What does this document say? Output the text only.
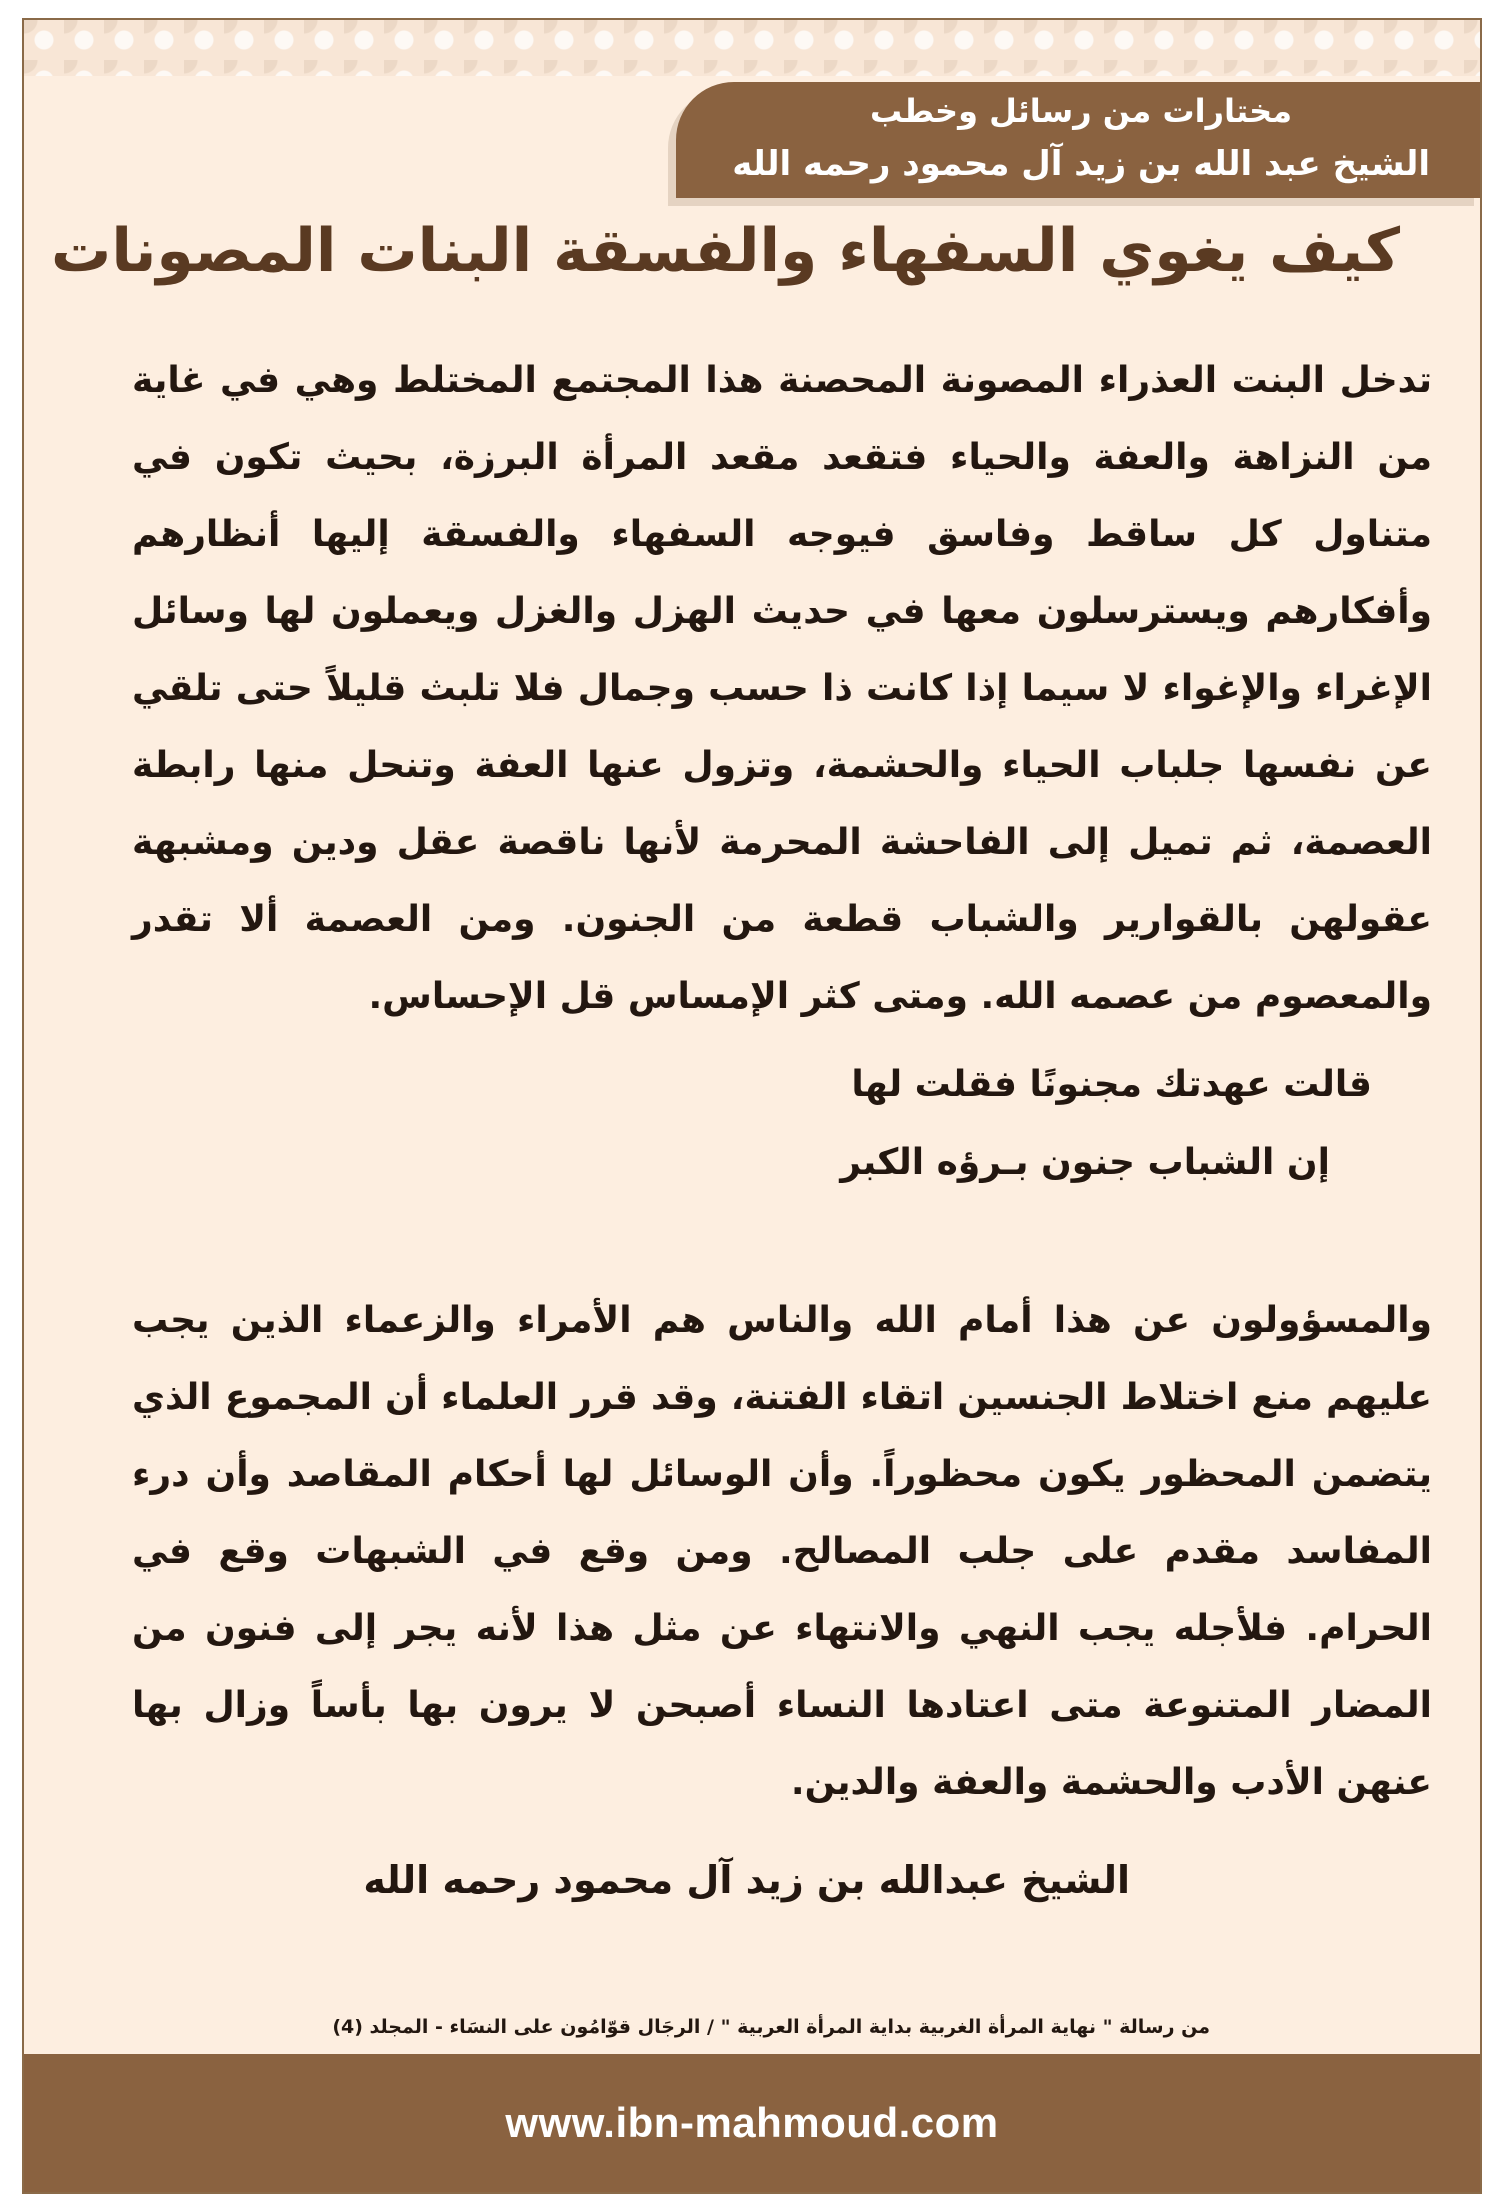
مختارات من رسائل وخطب
الشيخ عبد الله بن زيد آل محمود رحمه الله
كيف يغوي السفهاء والفسقة البنات المصونات

تدخل البنت العذراء المصونة المحصنة هذا المجتمع المختلط وهي في غاية من النزاهة والعفة والحياء فتقعد مقعد المرأة البرزة، بحيث تكون في متناول كل ساقط وفاسق فيوجه السفهاء والفسقة إليها أنظارهم وأفكارهم ويسترسلون معها في حديث الهزل والغزل ويعملون لها وسائل الإغراء والإغواء لا سيما إذا كانت ذا حسب وجمال فلا تلبث قليلاً حتى تلقي عن نفسها جلباب الحياء والحشمة، وتزول عنها العفة وتنحل منها رابطة العصمة، ثم تميل إلى الفاحشة المحرمة لأنها ناقصة عقل ودين ومشبهة عقولهن بالقوارير والشباب قطعة من الجنون. ومن العصمة ألا تقدر والمعصوم من عصمه الله. ومتى كثر الإمساس قل الإحساس.

قالت عهدتك مجنونًا فقلت لها
إن الشباب جنون بـرؤه الكبر

والمسؤولون عن هذا أمام الله والناس هم الأمراء والزعماء الذين يجب عليهم منع اختلاط الجنسين اتقاء الفتنة، وقد قرر العلماء أن المجموع الذي يتضمن المحظور يكون محظوراً. وأن الوسائل لها أحكام المقاصد وأن درء المفاسد مقدم على جلب المصالح. ومن وقع في الشبهات وقع في الحرام. فلأجله يجب النهي والانتهاء عن مثل هذا لأنه يجر إلى فنون من المضار المتنوعة متى اعتادها النساء أصبحن لا يرون بها بأساً وزال بها عنهن الأدب والحشمة والعفة والدين.

الشيخ عبدالله بن زيد آل محمود رحمه الله
من رسالة " نهاية المرأة الغربية بداية المرأة العربية " / الرجَال قوّامُون على النسَاء - المجلد (4)
www.ibn-mahmoud.com
